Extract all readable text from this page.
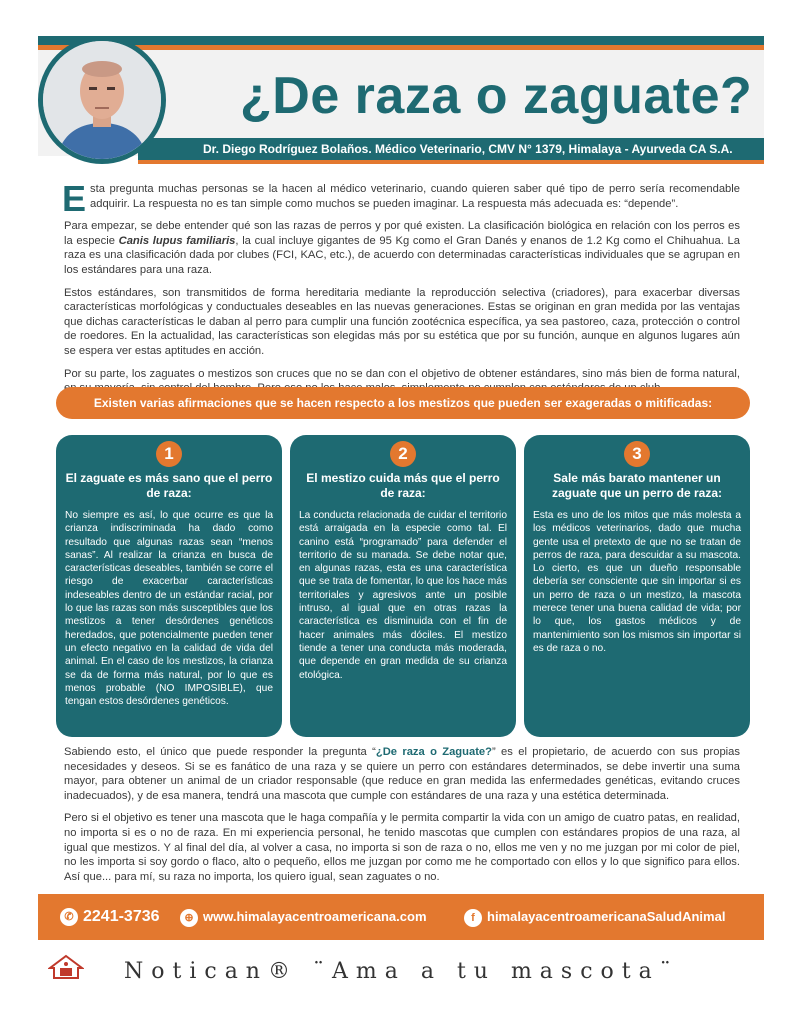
¿De raza o zaguate?
Dr. Diego Rodríguez Bolaños. Médico Veterinario, CMV N° 1379, Himalaya - Ayurveda CA S.A.

Esta pregunta muchas personas se la hacen al médico veterinario, cuando quieren saber qué tipo de perro sería recomendable adquirir. La respuesta no es tan simple como muchos se pueden imaginar. La respuesta más adecuada es: “depende”.

Para empezar, se debe entender qué son las razas de perros y por qué existen. La clasificación biológica en relación con los perros es la especie Canis lupus familiaris, la cual incluye gigantes de 95 Kg como el Gran Danés y enanos de 1.2 Kg como el Chihuahua. La raza es una clasificación dada por clubes (FCI, KAC, etc.), de acuerdo con determinadas características individuales que se agrupan en los estándares para una raza.

Estos estándares, son transmitidos de forma hereditaria mediante la reproducción selectiva (criadores), para exacerbar diversas características morfológicas y conductuales deseables en las nuevas generaciones. Estas se originan en gran medida por las ventajas que dichas características le daban al perro para cumplir una función zootécnica específica, ya sea pastoreo, caza, protección o control de roedores. En la actualidad, las características son elegidas más por su estética que por su función, aunque en algunos lugares aún se espera ver estas aptitudes en acción.

Por su parte, los zaguates o mestizos son cruces que no se dan con el objetivo de obtener estándares, sino más bien de forma natural,

Existen varias afirmaciones que se hacen respecto a los mestizos que pueden ser exageradas o mitificadas:
1
El zaguate es más sano que el perro de raza:
No siempre es así, lo que ocurre es que la crianza indiscriminada ha dado como resultado que algunas razas sean “menos sanas”. Al realizar la crianza en busca de características deseables, también se corre el riesgo de exacerbar características indeseables dentro de un estándar racial, por lo que las razas son más susceptibles que los mestizos a tener desórdenes genéticos heredados, que potencialmente pueden tener un efecto negativo en la calidad de vida del animal. En el caso de los mestizos, la crianza se da de forma más natural, por lo que es menos probable (NO IMPOSIBLE), que tengan estos desórdenes genéticos.
2
El mestizo cuida más que el perro de raza:
La conducta relacionada de cuidar el territorio está arraigada en la especie como tal. El canino está “programado” para defender el territorio de su manada. Se debe notar que, en algunas razas, esta es una característica que se trata de fomentar, lo que los hace más territoriales y agresivos ante un posible intruso, al igual que en otras razas la característica es disminuida con el fin de hacer animales más dóciles. El mestizo tiende a tener una conducta más moderada, que depende en gran medida de su crianza etológica.
3
Sale más barato mantener un zaguate que un perro de raza:
Esta es uno de los mitos que más molesta a los médicos veterinarios, dado que mucha gente usa el pretexto de que no se tratan de perros de raza, para descuidar a su mascota. Lo cierto, es que un dueño responsable debería ser consciente que sin importar si es un perro de raza o un mestizo, la mascota merece tener una buena calidad de vida; por lo que, los gastos médicos y de mantenimiento son los mismos sin importar si es de raza o no.

Sabiendo esto, el único que puede responder la pregunta “¿De raza o Zaguate?” es el propietario, de acuerdo con sus propias necesidades y deseos. Si se es fanático de una raza y se quiere un perro con estándares determinados, se debe invertir una suma mayor, para obtener un animal de un criador responsable (que reduce en gran medida las enfermedades genéticas, evitando cruces inadecuados), y de esa manera, tendrá una mascota que cumple con estándares de una raza y una estética determinada.

Pero si el objetivo es tener una mascota que le haga compañía y le permita compartir la vida con un amigo de cuatro patas, en realidad, no importa si es o no de raza. En mi experiencia personal, he tenido mascotas que cumplen con estándares propios de una raza, al igual que mestizos. Y al final del día, al volver a casa, no importa si son de raza o no, ellos me ven y no me juzgan por mi color de piel, no les importa si soy gordo o flaco, alto o pequeño, ellos me juzgan por como me he comportado con ellos y lo que significo para ellos. Así que... para mí, su raza no importa, los quiero igual, sean zaguates o no.

✆ 2241-3736	⊕ www.himalayacentroamericana.com	f himalayacentroamericanaSaludAnimal
Notican® ¨Ama a tu mascota¨
